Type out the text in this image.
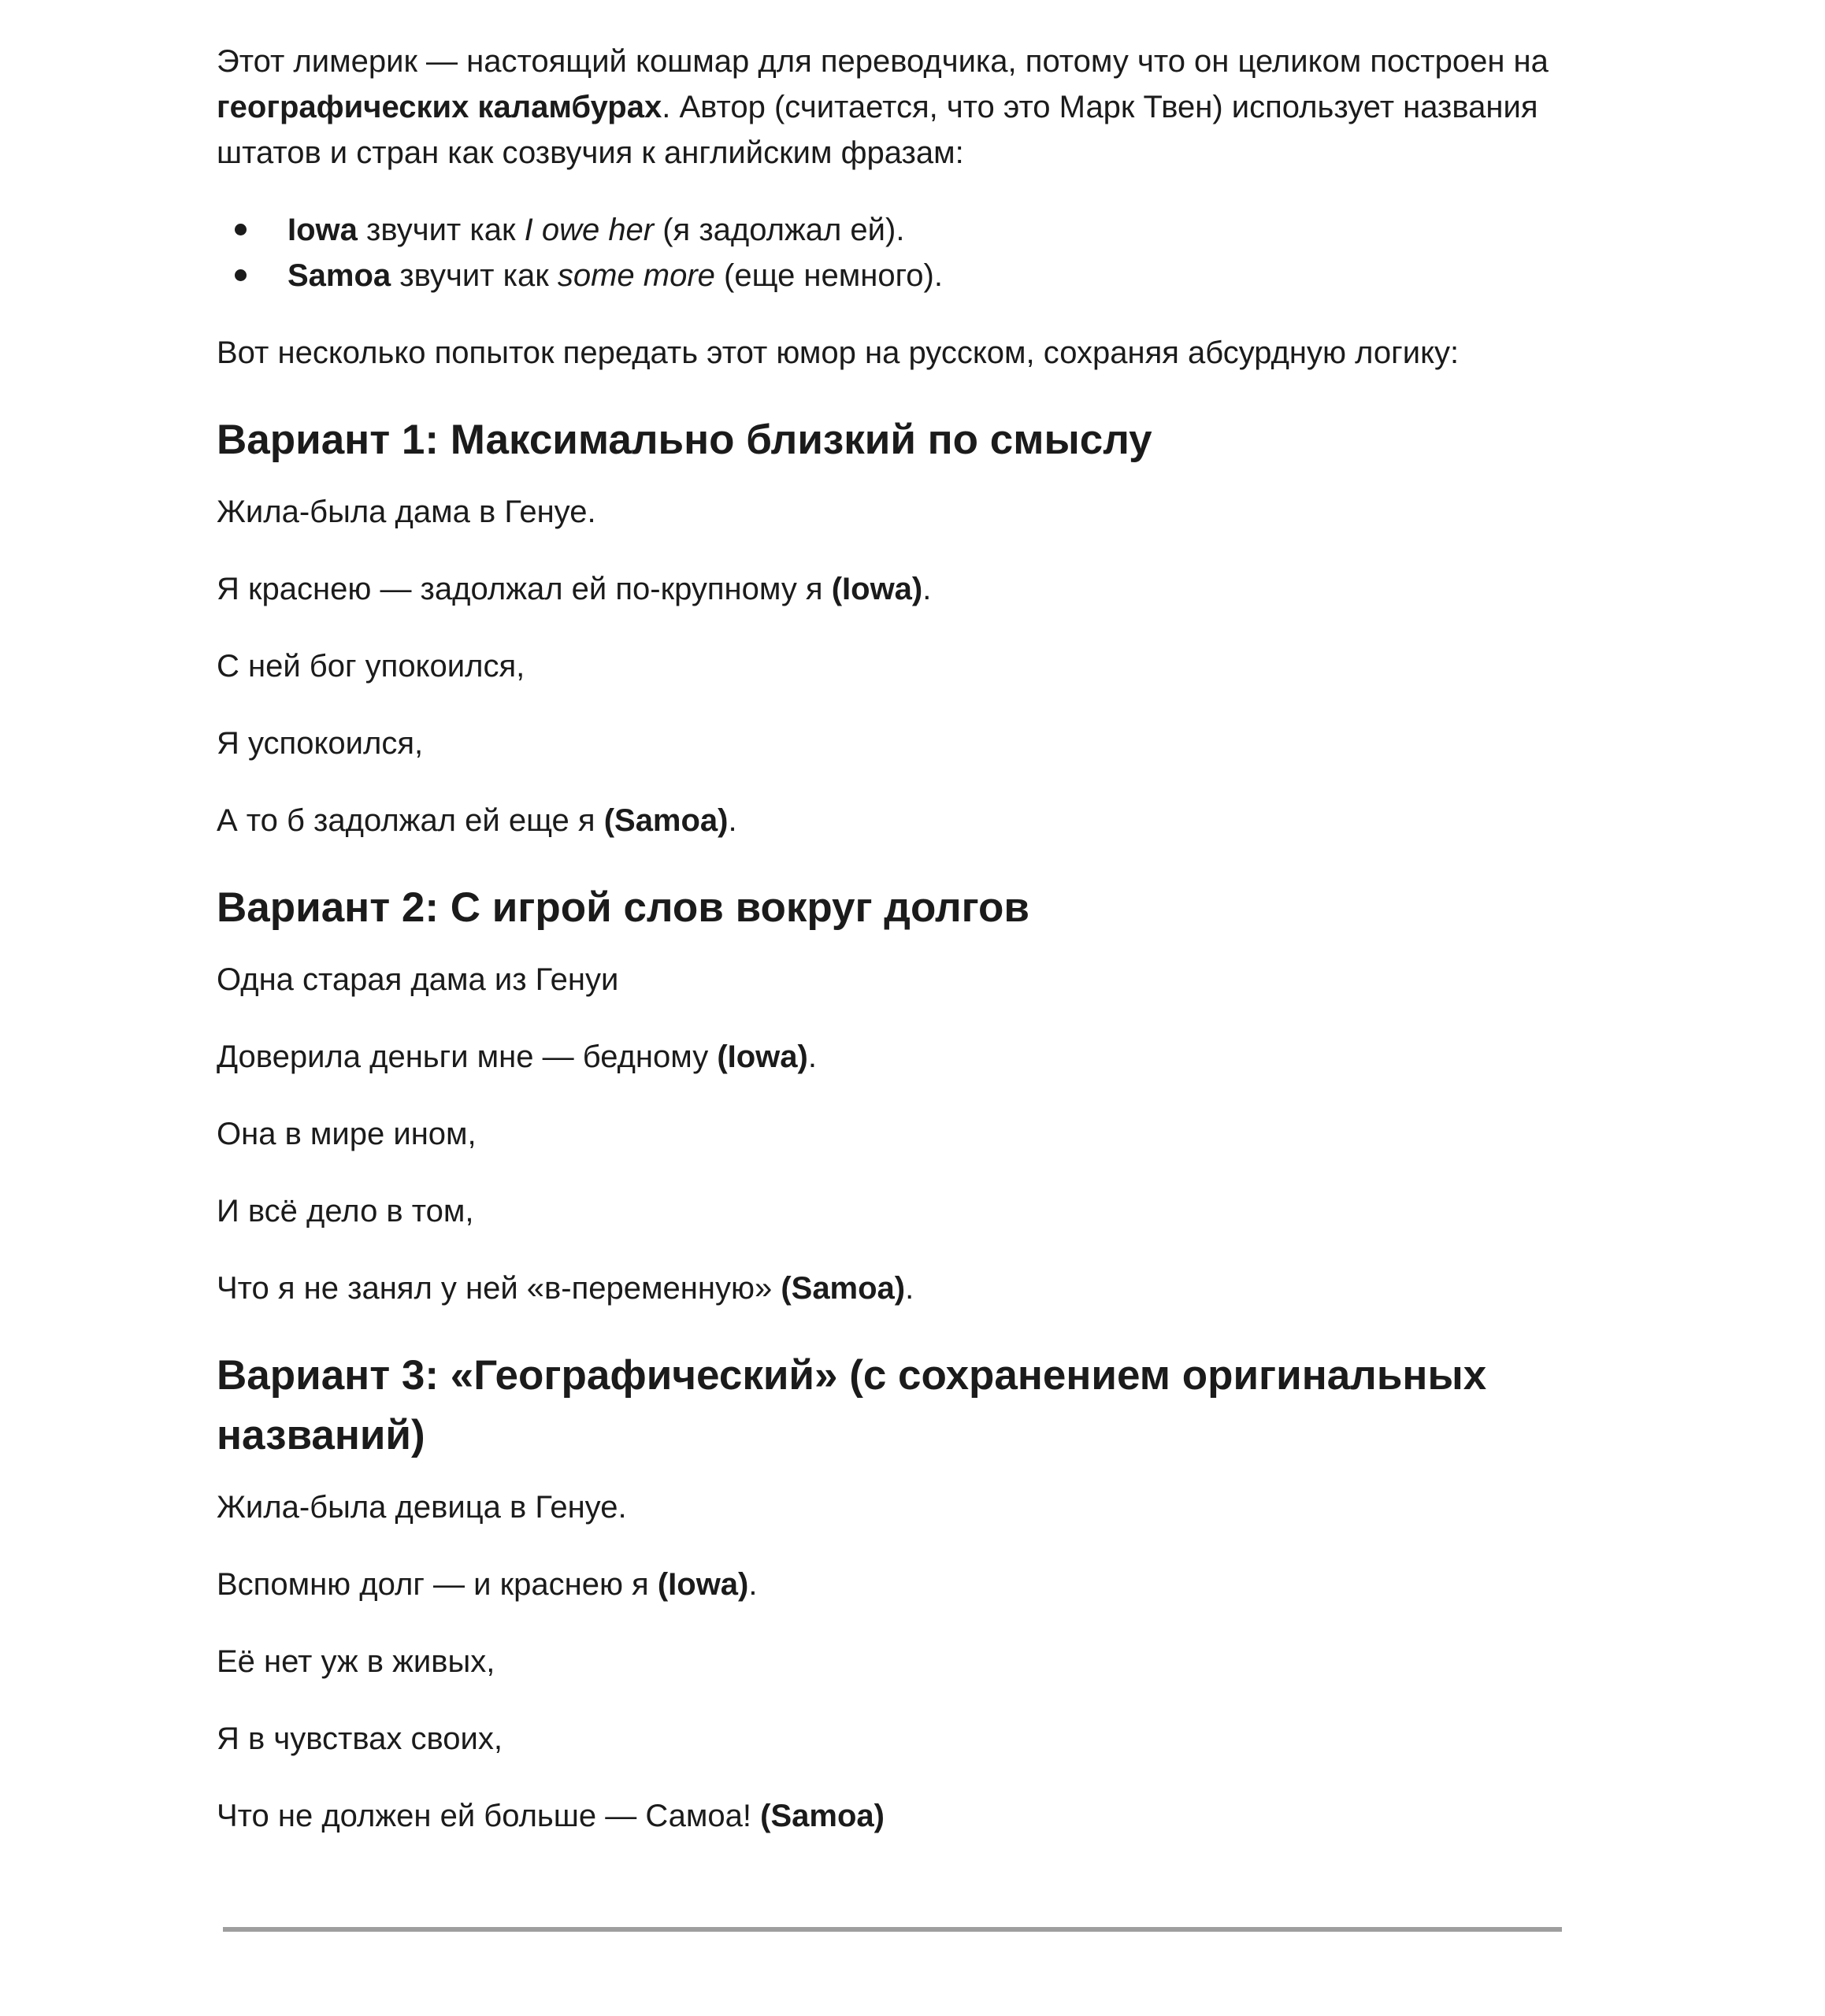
Этот лимерик — настоящий кошмар для переводчика, потому что он целиком построен на географических каламбурах. Автор (считается, что это Марк Твен) использует названия штатов и стран как созвучия к английским фразам:

Iowa звучит как I owe her (я задолжал ей).
Samoa звучит как some more (еще немного).

Вот несколько попыток передать этот юмор на русском, сохраняя абсурдную логику:

Вариант 1: Максимально близкий по смыслу

Жила-была дама в Генуе.

Я краснею — задолжал ей по-крупному я (Iowa).

С ней бог упокоился,

Я успокоился,

А то б задолжал ей еще я (Samoa).

Вариант 2: С игрой слов вокруг долгов

Одна старая дама из Генуи

Доверила деньги мне — бедному (Iowa).

Она в мире ином,

И всё дело в том,

Что я не занял у ней «в-переменную» (Samoa).

Вариант 3: «Географический» (с сохранением оригинальных названий)

Жила-была девица в Генуе.

Вспомню долг — и краснею я (Iowa).

Её нет уж в живых,

Я в чувствах своих,

Что не должен ей больше — Самоа! (Samoa)
